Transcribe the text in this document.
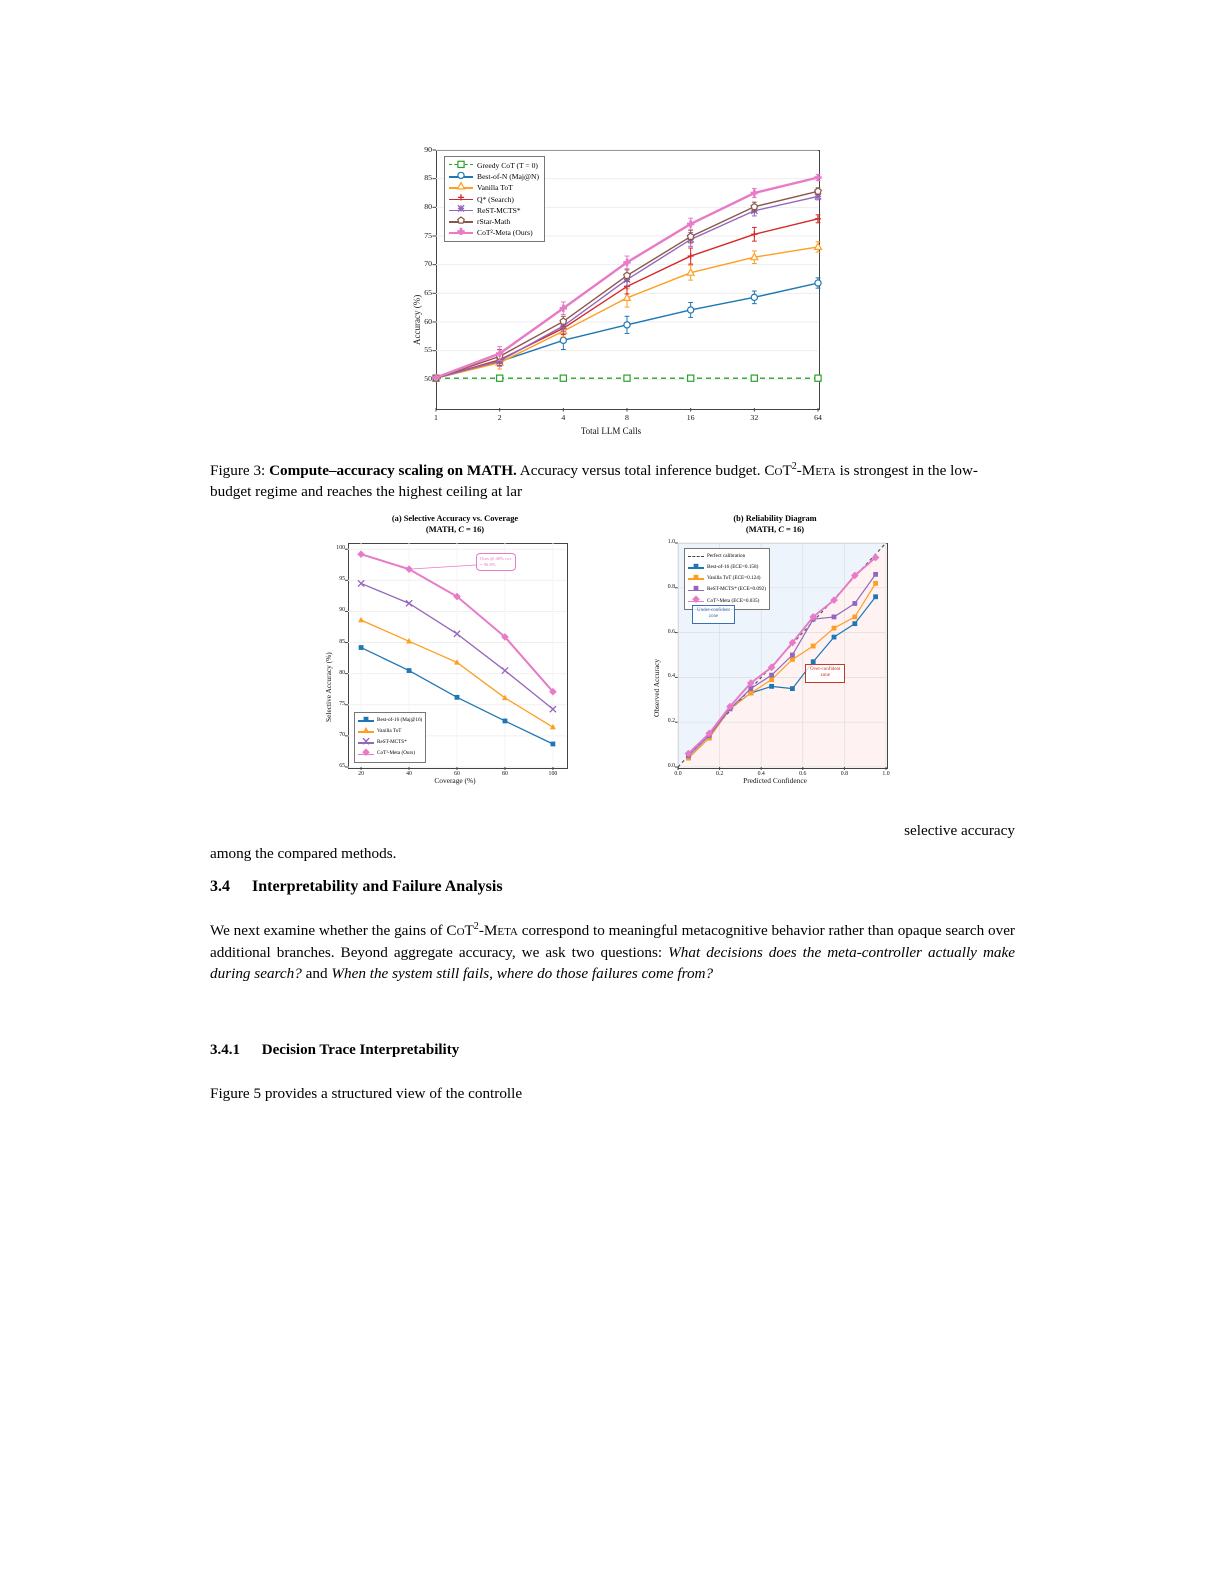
Greedy CoT (T = 0)
Best-of-N (Maj@N)
Vanilla ToT
Q* (Search)
ReST-MCTS*
rStar-Math
CoT²-Meta (Ours)
Total LLM Calls
Accuracy (%)
50
55
60
65
70
75
80
85
90
1	2	4	8	16	32	64
Figure 3: Compute–accuracy scaling on MATH. Accuracy versus total inference budget. CoT$^2$-Meta is strongest in the low-budget regime and reaches the highest ceiling at lar
(a) Selective Accuracy vs. Coverage
(MATH, C = 16)
Best-of-16 (Maj@16)
Vanilla ToT
ReST-MCTS*
CoT²-Meta (Ours)
Coverage (%)
Selective Accuracy (%)
65
70
75
80
85
90
95
100
20	40	60	80	100
Ours @ 40% cov
= 96.8%
(b) Reliability Diagram
(MATH, C = 16)
Perfect calibration
Best-of-16 (ECE=0.158)
Vanilla ToT (ECE=0.124)
ReST-MCTS* (ECE=0.092)
CoT²-Meta (ECE=0.035)
Predicted Confidence
Observed Accuracy
0.0
0.2
0.4
0.6
0.8
1.0
0.0	0.2	0.4	0.6	0.8	1.0
Under-confident
zone
Over-confident
zone
selective accuracy
among the compared methods.
3.4 Interpretability and Failure Analysis
We next examine whether the gains of CoT$^2$-Meta correspond to meaningful metacognitive behavior rather than opaque search over additional branches. Beyond aggregate accuracy, we ask two questions: What decisions does the meta-controller actually make during search? and When the system still fails, where do those failures come from?
3.4.1 Decision Trace Interpretability
Figure 5 provides a structured view of the controlle
